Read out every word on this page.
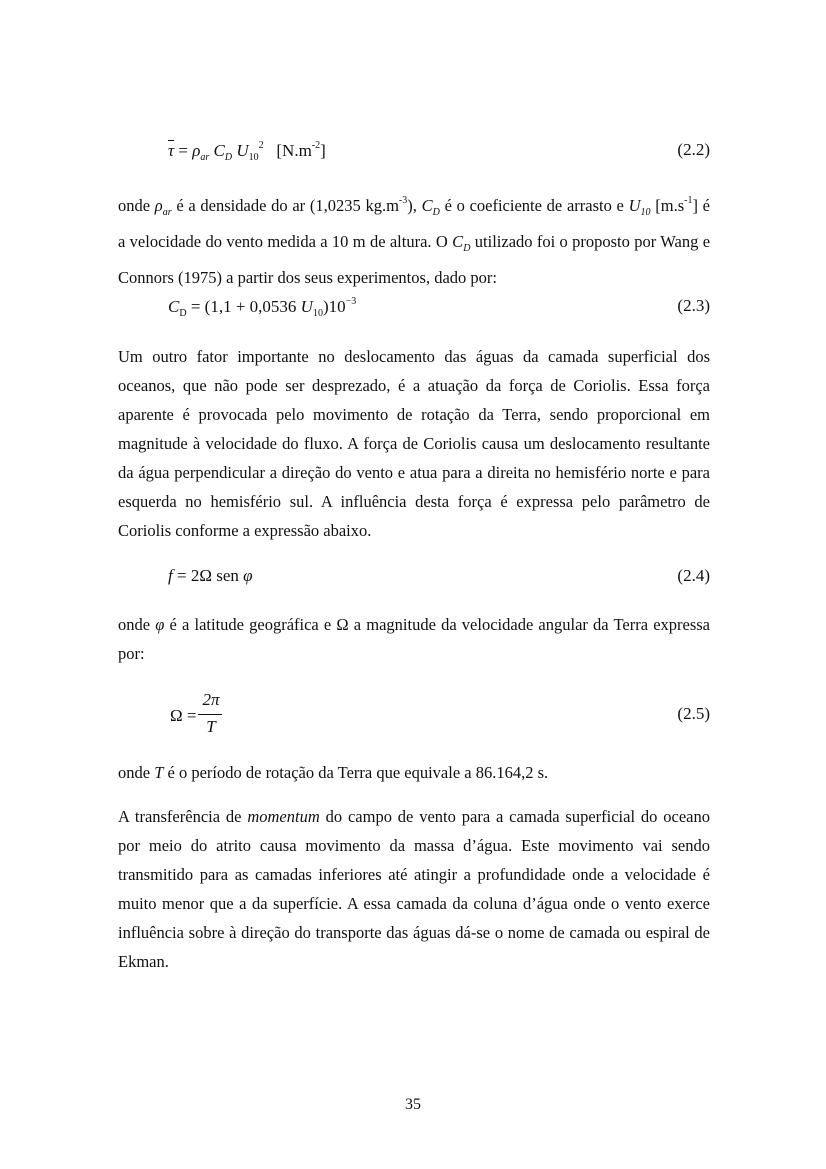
$\overline{\tau} = \rho_{ar}$ $C_D$ $U_{10}^2$ $[N.m^{-2}]$	(2.2)

onde $\rho_{ar}$ é a densidade do ar (1,0235 $kg.m^{-3}$), $C_D$ é o coeficiente de arrasto e $U_{10}$ $[m.s^{-1}]$ é a velocidade do vento medida a 10 m de altura. O $C_D$ utilizado foi o proposto por Wang e Connors (1975) a partir dos seus experimentos, dado por:

$C_D = (1,1 + 0,0536$ $U_{10})10^{-3}$	(2.3)

Um outro fator importante no deslocamento das águas da camada superficial dos oceanos, que não pode ser desprezado, é a atuação da força de Coriolis. Essa força aparente é provocada pelo movimento de rotação da Terra, sendo proporcional em magnitude à velocidade do fluxo. A força de Coriolis causa um deslocamento resultante da água perpendicular a direção do vento e atua para a direita no hemisfério norte e para esquerda no hemisfério sul. A influência desta força é expressa pelo parâmetro de Coriolis conforme a expressão abaixo.

f = 2Ω sen φ	(2.4)

onde φ é a latitude geográfica e Ω a magnitude da velocidade angular da Terra expressa por:

Ω =
2π
T
(2.5)

onde T é o período de rotação da Terra que equivale a 86.164,2 s.

A transferência de momentum do campo de vento para a camada superficial do oceano por meio do atrito causa movimento da massa d’água. Este movimento vai sendo transmitido para as camadas inferiores até atingir a profundidade onde a velocidade é muito menor que a da superfície. A essa camada da coluna d’água onde o vento exerce influência sobre à direção do transporte das águas dá-se o nome de camada ou espiral de Ekman.

35
